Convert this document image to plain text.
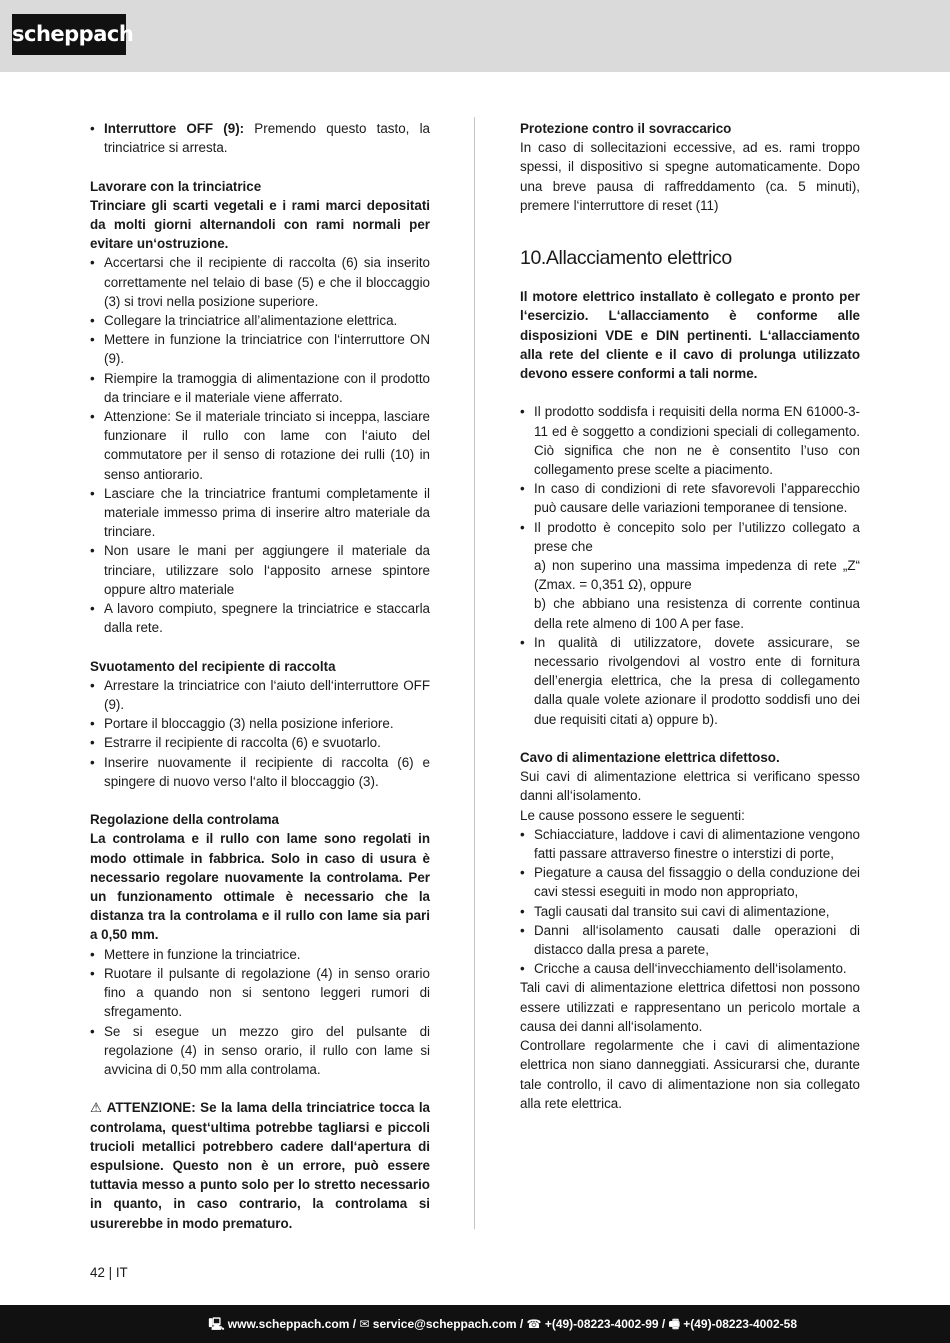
scheppach
• Interruttore OFF (9): Premendo questo tasto, la trinciatrice si arresta.

Lavorare con la trinciatrice

Trinciare gli scarti vegetali e i rami marci depositati da molti giorni alternandoli con rami normali per evitare un‘ostruzione.

• Accertarsi che il recipiente di raccolta (6) sia inserito correttamente nel telaio di base (5) e che il bloccaggio (3) si trovi nella posizione superiore.
• Collegare la trinciatrice all’alimentazione elettrica.
• Mettere in funzione la trinciatrice con l‘interruttore ON (9).
• Riempire la tramoggia di alimentazione con il prodotto da trinciare e il materiale viene afferrato.
• Attenzione: Se il materiale trinciato si inceppa, lasciare funzionare il rullo con lame con l‘aiuto del commutatore per il senso di rotazione dei rulli (10) in senso antiorario.
• Lasciare che la trinciatrice frantumi completamente il materiale immesso prima di inserire altro materiale da trinciare.
• Non usare le mani per aggiungere il materiale da trinciare, utilizzare solo l‘apposito arnese spintore oppure altro materiale
• A lavoro compiuto, spegnere la trinciatrice e staccarla dalla rete.

Svuotamento del recipiente di raccolta

• Arrestare la trinciatrice con l‘aiuto dell‘interruttore OFF (9).
• Portare il bloccaggio (3) nella posizione inferiore.
• Estrarre il recipiente di raccolta (6) e svuotarlo.
• Inserire nuovamente il recipiente di raccolta (6) e spingere di nuovo verso l‘alto il bloccaggio (3).

Regolazione della controlama

La controlama e il rullo con lame sono regolati in modo ottimale in fabbrica. Solo in caso di usura è necessario regolare nuovamente la controlama. Per un funzionamento ottimale è necessario che la distanza tra la controlama e il rullo con lame sia pari a 0,50 mm.

• Mettere in funzione la trinciatrice.
• Ruotare il pulsante di regolazione (4) in senso orario fino a quando non si sentono leggeri rumori di sfregamento.
• Se si esegue un mezzo giro del pulsante di regolazione (4) in senso orario, il rullo con lame si avvicina di 0,50 mm alla controlama.

⚠ ATTENZIONE: Se la lama della trinciatrice tocca la controlama, quest‘ultima potrebbe tagliarsi e piccoli trucioli metallici potrebbero cadere dall‘apertura di espulsione. Questo non è un errore, può essere tuttavia messo a punto solo per lo stretto necessario in quanto, in caso contrario, la controlama si usurerebbe in modo prematuro.

Protezione contro il sovraccarico

In caso di sollecitazioni eccessive, ad es. rami troppo spessi, il dispositivo si spegne automaticamente. Dopo una breve pausa di raffreddamento (ca. 5 minuti), premere l‘interruttore di reset (11)

10.Allacciamento elettrico

Il motore elettrico installato è collegato e pronto per l‘esercizio. L‘allacciamento è conforme alle disposizioni VDE e DIN pertinenti. L‘allacciamento alla rete del cliente e il cavo di prolunga utilizzato devono essere conformi a tali norme.

• Il prodotto soddisfa i requisiti della norma EN 61000-3-11 ed è soggetto a condizioni speciali di collegamento. Ciò significa che non ne è consentito l’uso con collegamento prese scelte a piacimento.
• In caso di condizioni di rete sfavorevoli l’apparecchio può causare delle variazioni temporanee di tensione.
• Il prodotto è concepito solo per l’utilizzo collegato a prese che

a) non superino una massima impedenza di rete „Z“ (Zmax. = 0,351 Ω), oppure

b) che abbiano una resistenza di corrente continua della rete almeno di 100 A per fase.

• In qualità di utilizzatore, dovete assicurare, se necessario rivolgendovi al vostro ente di fornitura dell’energia elettrica, che la presa di collegamento dalla quale volete azionare il prodotto soddisfi uno dei due requisiti citati a) oppure b).

Cavo di alimentazione elettrica difettoso.

Sui cavi di alimentazione elettrica si verificano spesso danni all‘isolamento.

Le cause possono essere le seguenti:

• Schiacciature, laddove i cavi di alimentazione vengono fatti passare attraverso finestre o interstizi di porte,
• Piegature a causa del fissaggio o della conduzione dei cavi stessi eseguiti in modo non appropriato,
• Tagli causati dal transito sui cavi di alimentazione,
• Danni all‘isolamento causati dalle operazioni di distacco dalla presa a parete,
• Cricche a causa dell‘invecchiamento dell‘isolamento.

Tali cavi di alimentazione elettrica difettosi non possono essere utilizzati e rappresentano un pericolo mortale a causa dei danni all‘isolamento.

Controllare regolarmente che i cavi di alimentazione elettrica non siano danneggiati. Assicurarsi che, durante tale controllo, il cavo di alimentazione non sia collegato alla rete elettrica.

42 | IT
🖳 www.scheppach.com / ✉ service@scheppach.com / ☎ +(49)-08223-4002-99 / 🖷 +(49)-08223-4002-58
